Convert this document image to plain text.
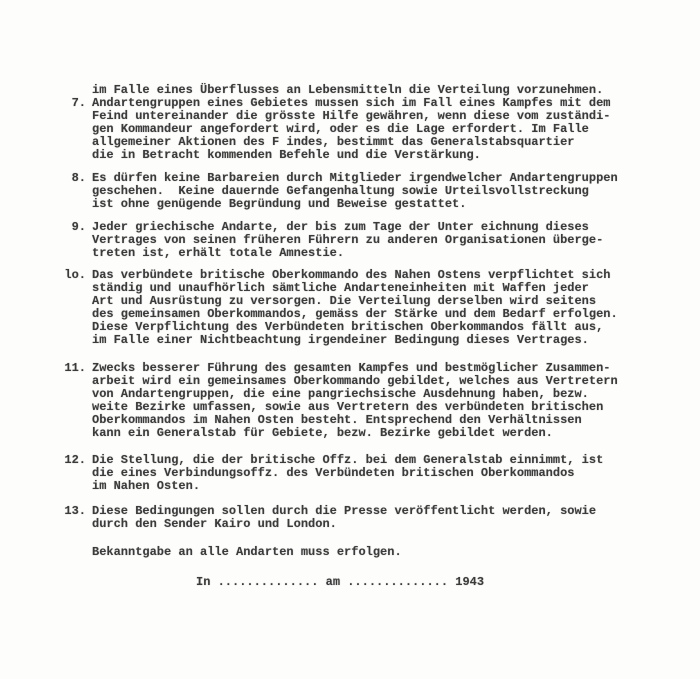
im Falle eines Überflusses an Lebensmitteln die Verteilung vorzunehmen.

7. Andartengruppen eines Gebietes mussen sich im Fall eines Kampfes mit dem
Feind untereinander die grösste Hilfe gewähren, wenn diese vom zuständi-
gen Kommandeur angefordert wird, oder es die Lage erfordert. Im Falle
allgemeiner Aktionen des F indes, bestimmt das Generalstabsquartier
die in Betracht kommenden Befehle und die Verstärkung.
8. Es dürfen keine Barbareien durch Mitglieder irgendwelcher Andartengruppen
geschehen.  Keine dauernde Gefangenhaltung sowie Urteilsvollstreckung
ist ohne genügende Begründung und Beweise gestattet.
9. Jeder griechische Andarte, der bis zum Tage der Unter eichnung dieses
Vertrages von seinen früheren Führern zu anderen Organisationen überge-
treten ist, erhält totale Amnestie.
lo. Das verbündete britische Oberkommando des Nahen Ostens verpflichtet sich
ständig und unaufhörlich sämtliche Andarteneinheiten mit Waffen jeder
Art und Ausrüstung zu versorgen. Die Verteilung derselben wird seitens
des gemeinsamen Oberkommandos, gemäss der Stärke und dem Bedarf erfolgen.
Diese Verpflichtung des Verbündeten britischen Oberkommandos fällt aus,
im Falle einer Nichtbeachtung irgendeiner Bedingung dieses Vertrages.
11. Zwecks besserer Führung des gesamten Kampfes und bestmöglicher Zusammen-
arbeit wird ein gemeinsames Oberkommando gebildet, welches aus Vertretern
von Andartengruppen, die eine pangriechsische Ausdehnung haben, bezw.
weite Bezirke umfassen, sowie aus Vertretern des verbündeten britischen
Oberkommandos im Nahen Osten besteht. Entsprechend den Verhältnissen
kann ein Generalstab für Gebiete, bezw. Bezirke gebildet werden.
12. Die Stellung, die der britische Offz. bei dem Generalstab einnimmt, ist
die eines Verbindungsoffz. des Verbündeten britischen Oberkommandos
im Nahen Osten.
13. Diese Bedingungen sollen durch die Presse veröffentlicht werden, sowie
durch den Sender Kairo und London.

Bekanntgabe an alle Andarten muss erfolgen.

In .............. am .............. 1943
